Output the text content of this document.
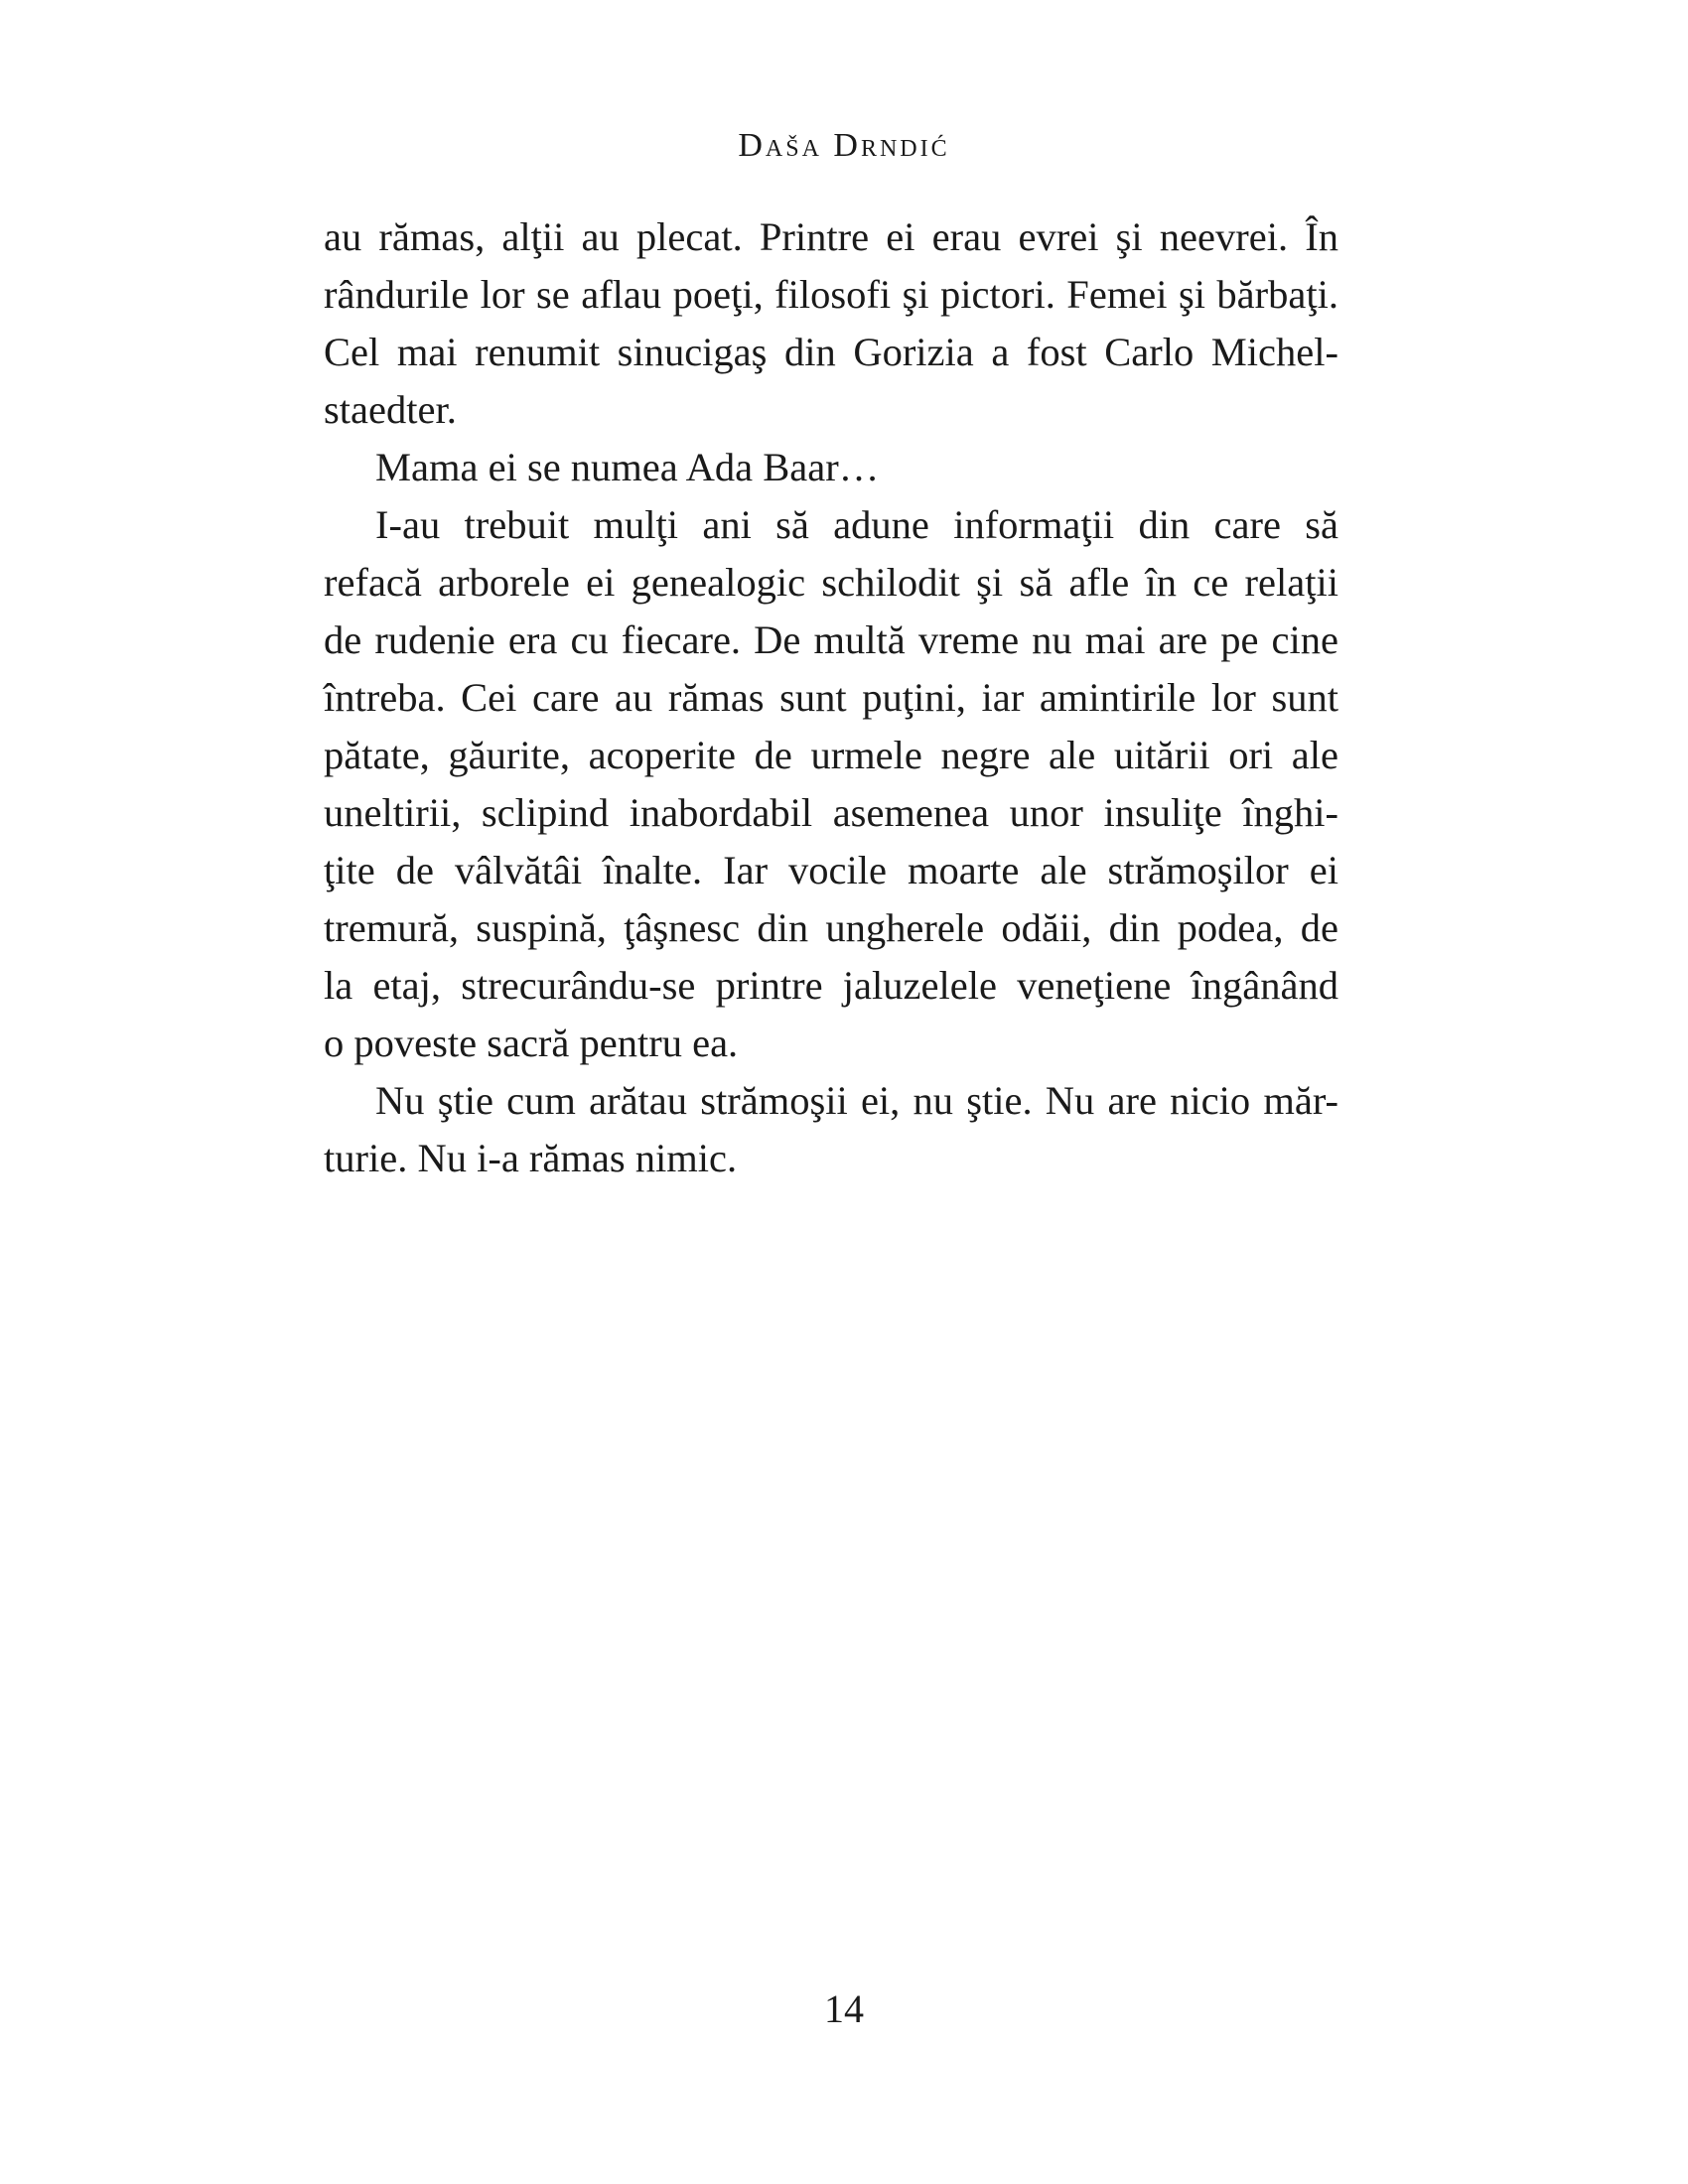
Daša Drndić
au rămas, alţii au plecat. Printre ei erau evrei şi neevrei. În
rândurile lor se aflau poeţi, filosofi şi pictori. Femei şi bărbaţi.
Cel mai renumit sinucigaş din Gorizia a fost Carlo Michel-
staedter.
Mama ei se numea Ada Baar…
I-au trebuit mulţi ani să adune informaţii din care să
refacă arborele ei genealogic schilodit şi să afle în ce relaţii
de rudenie era cu fiecare. De multă vreme nu mai are pe cine
întreba. Cei care au rămas sunt puţini, iar amintirile lor sunt
pătate, găurite, acoperite de urmele negre ale uitării ori ale
uneltirii, sclipind inabordabil asemenea unor insuliţe înghi-
ţite de vâlvătâi înalte. Iar vocile moarte ale strămoşilor ei
tremură, suspină, ţâşnesc din ungherele odăii, din podea, de
la etaj, strecurându-se printre jaluzelele veneţiene îngânând
o poveste sacră pentru ea.
Nu ştie cum arătau strămoşii ei, nu ştie. Nu are nicio măr-
turie. Nu i-a rămas nimic.
14
